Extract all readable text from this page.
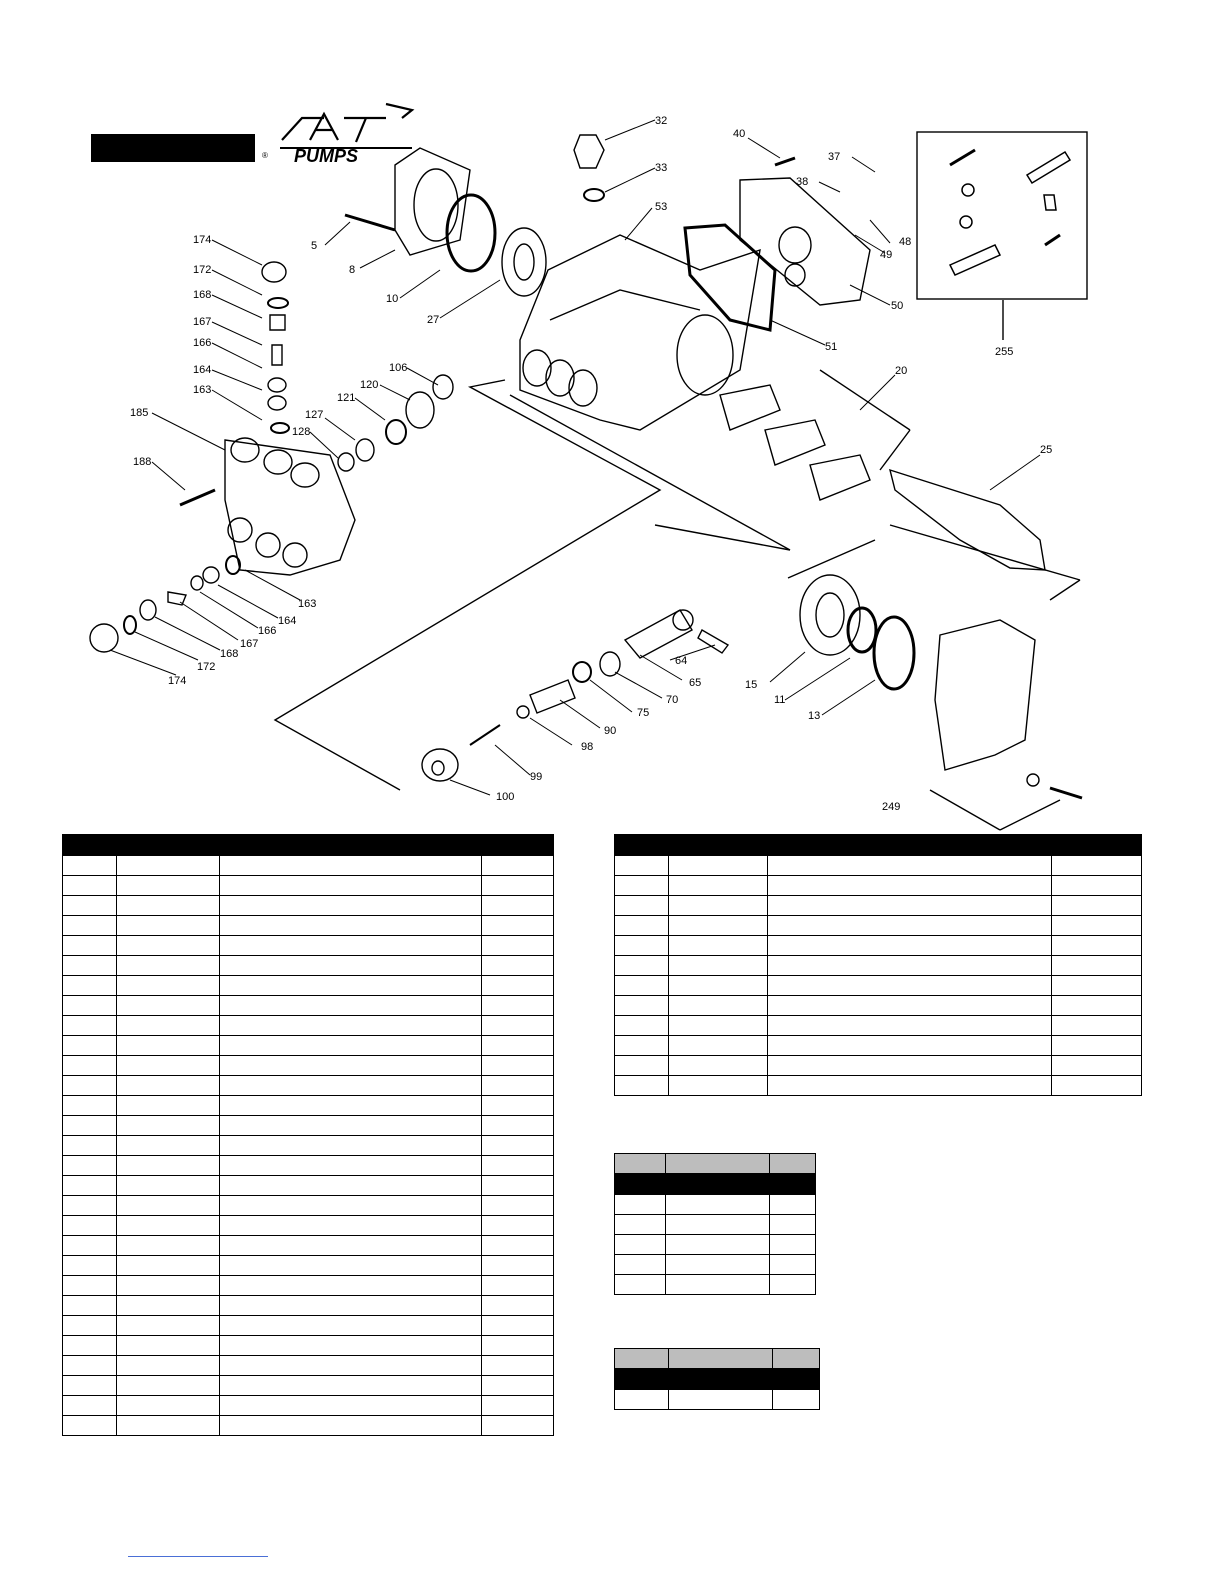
PUMPS
®
32
33
40
37
38
53
48
49
50
51	255
5
8
10
27
174
172
168
167
166
164
163
185
188
127
128
121
120
106	20
25
163
164
166
167
168
172
174
64
65
70
75
90
98
99
100
15
11
13
249
